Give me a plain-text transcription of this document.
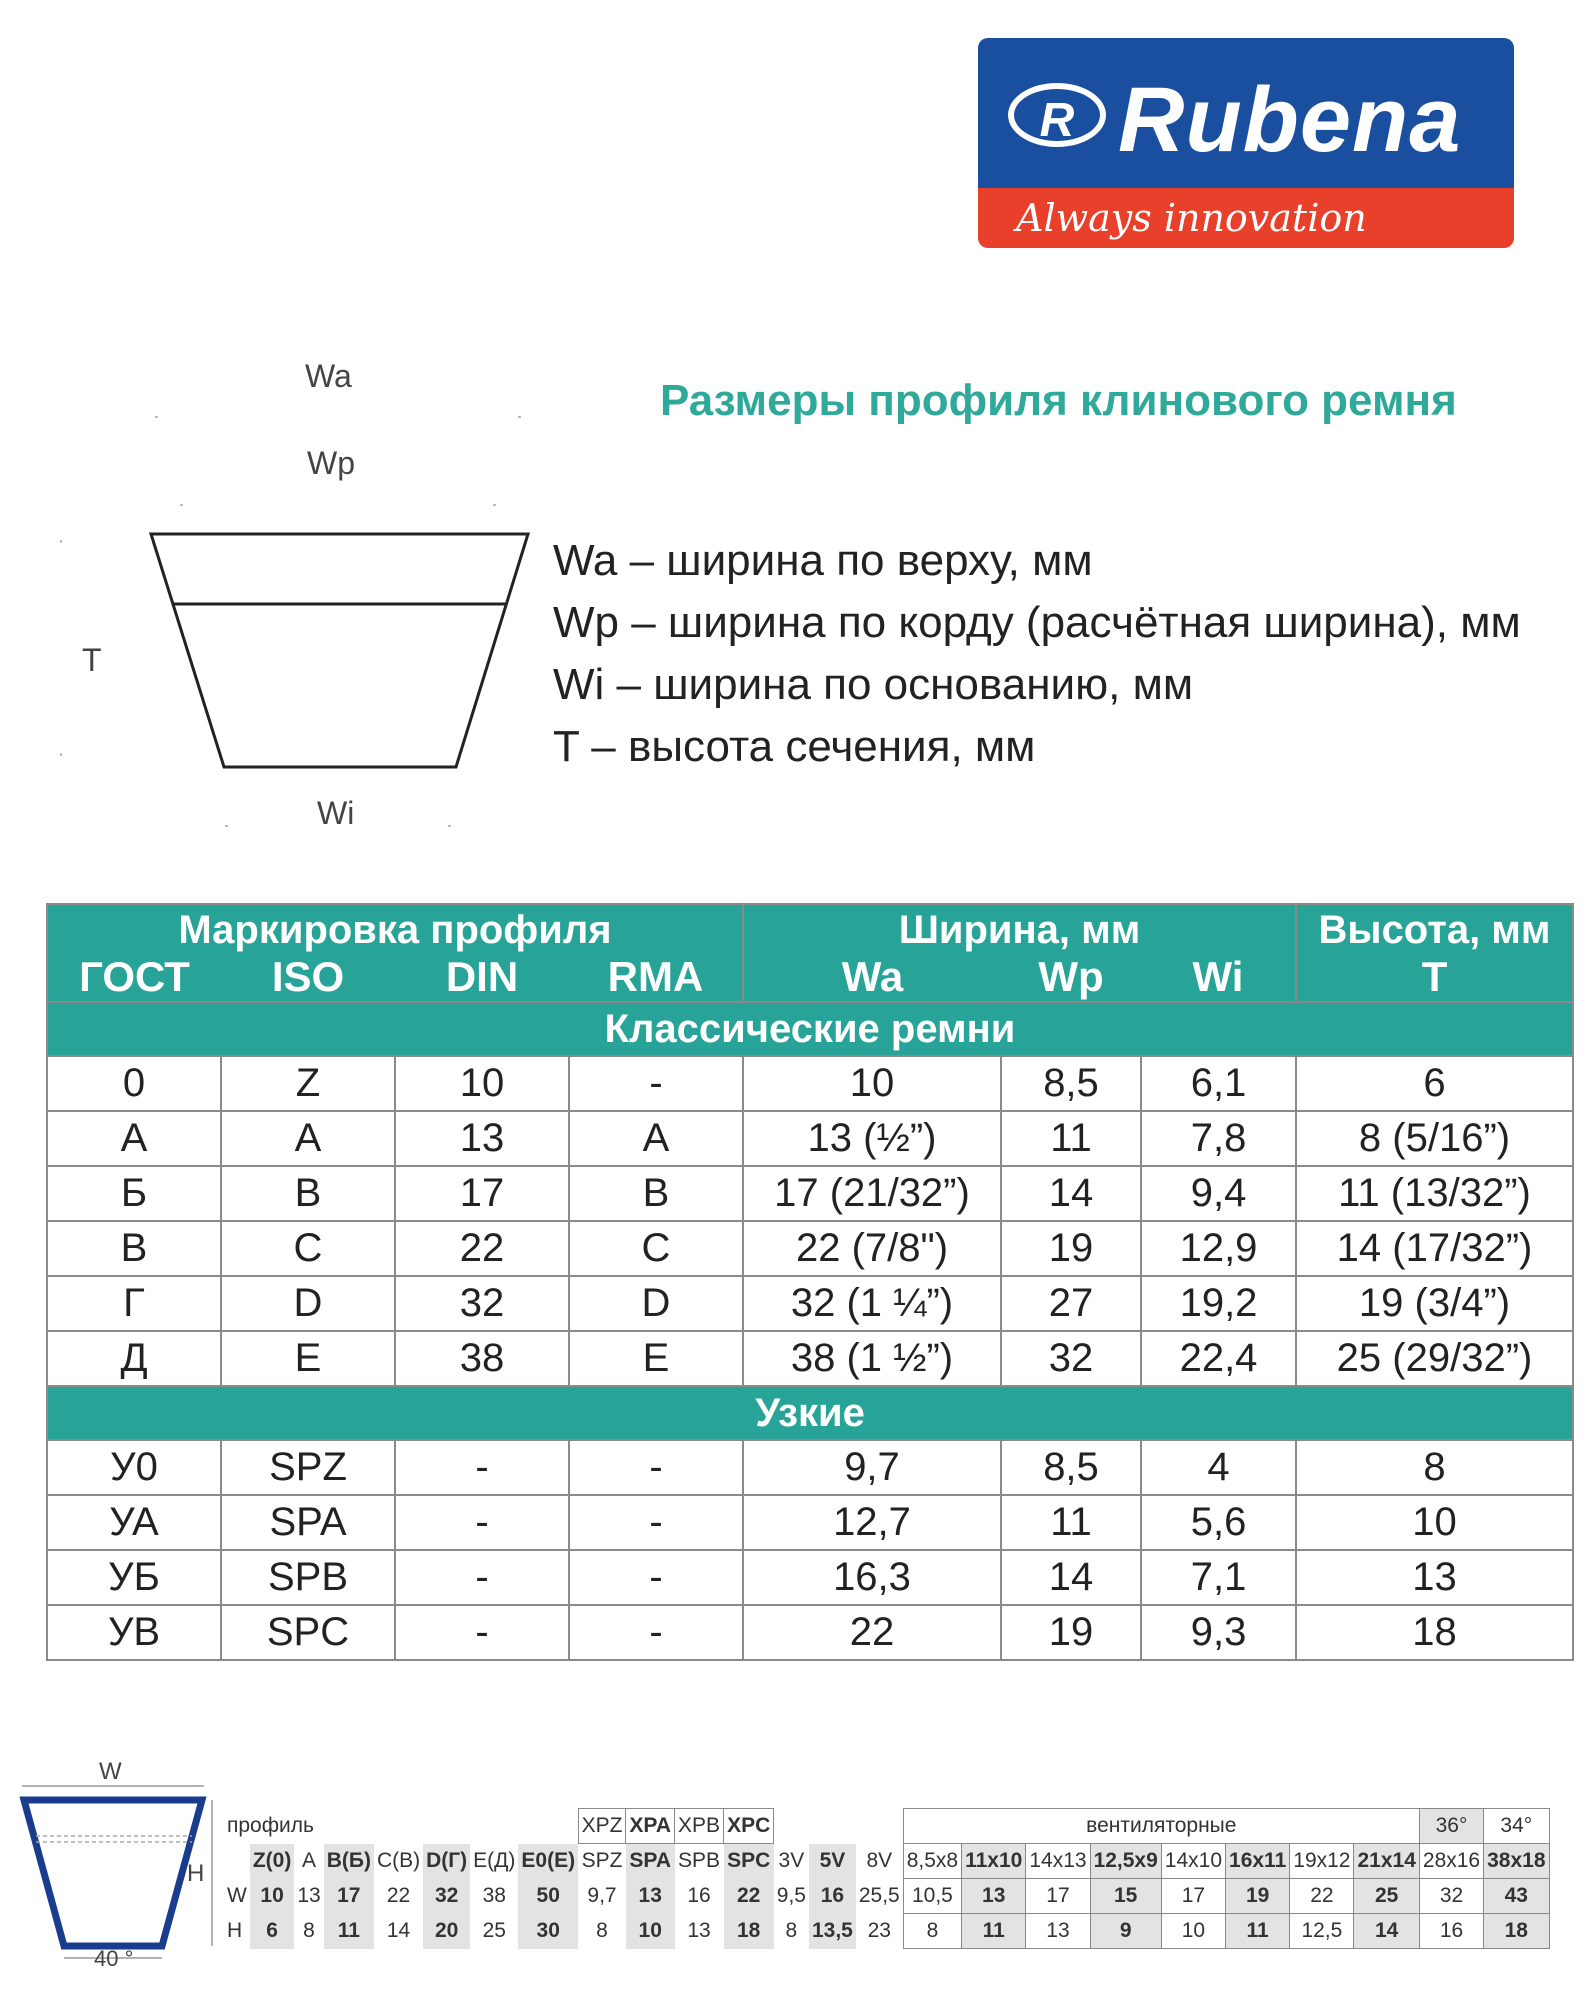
R Rubena
Always innovation
Wa
Wp
T
Wi
Размеры профиля клинового ремня
Wa – ширина по верху, мм
Wp – ширина по корду (расчётная ширина), мм
Wi – ширина по основанию, мм
T – высота сечения, мм
Маркировка профиля				Ширина, мм			Высота, мм
ГОСТ	ISO	DIN	RMA	Wa	Wp	Wi	T
Классические ремни							
0	Z	10	-	10	8,5	6,1	6
А	А	13	А	13 (½”)	11	7,8	8 (5/16”)
Б	В	17	В	17 (21/32”)	14	9,4	11 (13/32”)
В	С	22	С	22 (7/8")	19	12,9	14 (17/32”)
Г	D	32	D	32 (1 ¼”)	27	19,2	19 (3/4”)
Д	Е	38	Е	38 (1 ½”)	32	22,4	25 (29/32”)
Узкие							
У0	SPZ	-	-	9,7	8,5	4	8
УА	SPA	-	-	12,7	11	5,6	10
УБ	SPB	-	-	16,3	14	7,1	13
УВ	SPC	-	-	22	19	9,3	18
W
H
40 °
профиль								XPZ	XPA	XPB	XPC				вентиляторные								36°	34°
	Z(0)	A	B(Б)	C(B)	D(Г)	E(Д)	E0(E)	SPZ	SPA	SPB	SPC	3V	5V	8V	8,5x8	11x10	14x13	12,5x9	14x10	16x11	19x12	21x14	28x16	38x18
W	10	13	17	22	32	38	50	9,7	13	16	22	9,5	16	25,5	10,5	13	17	15	17	19	22	25	32	43
H	6	8	11	14	20	25	30	8	10	13	18	8	13,5	23	8	11	13	9	10	11	12,5	14	16	18
